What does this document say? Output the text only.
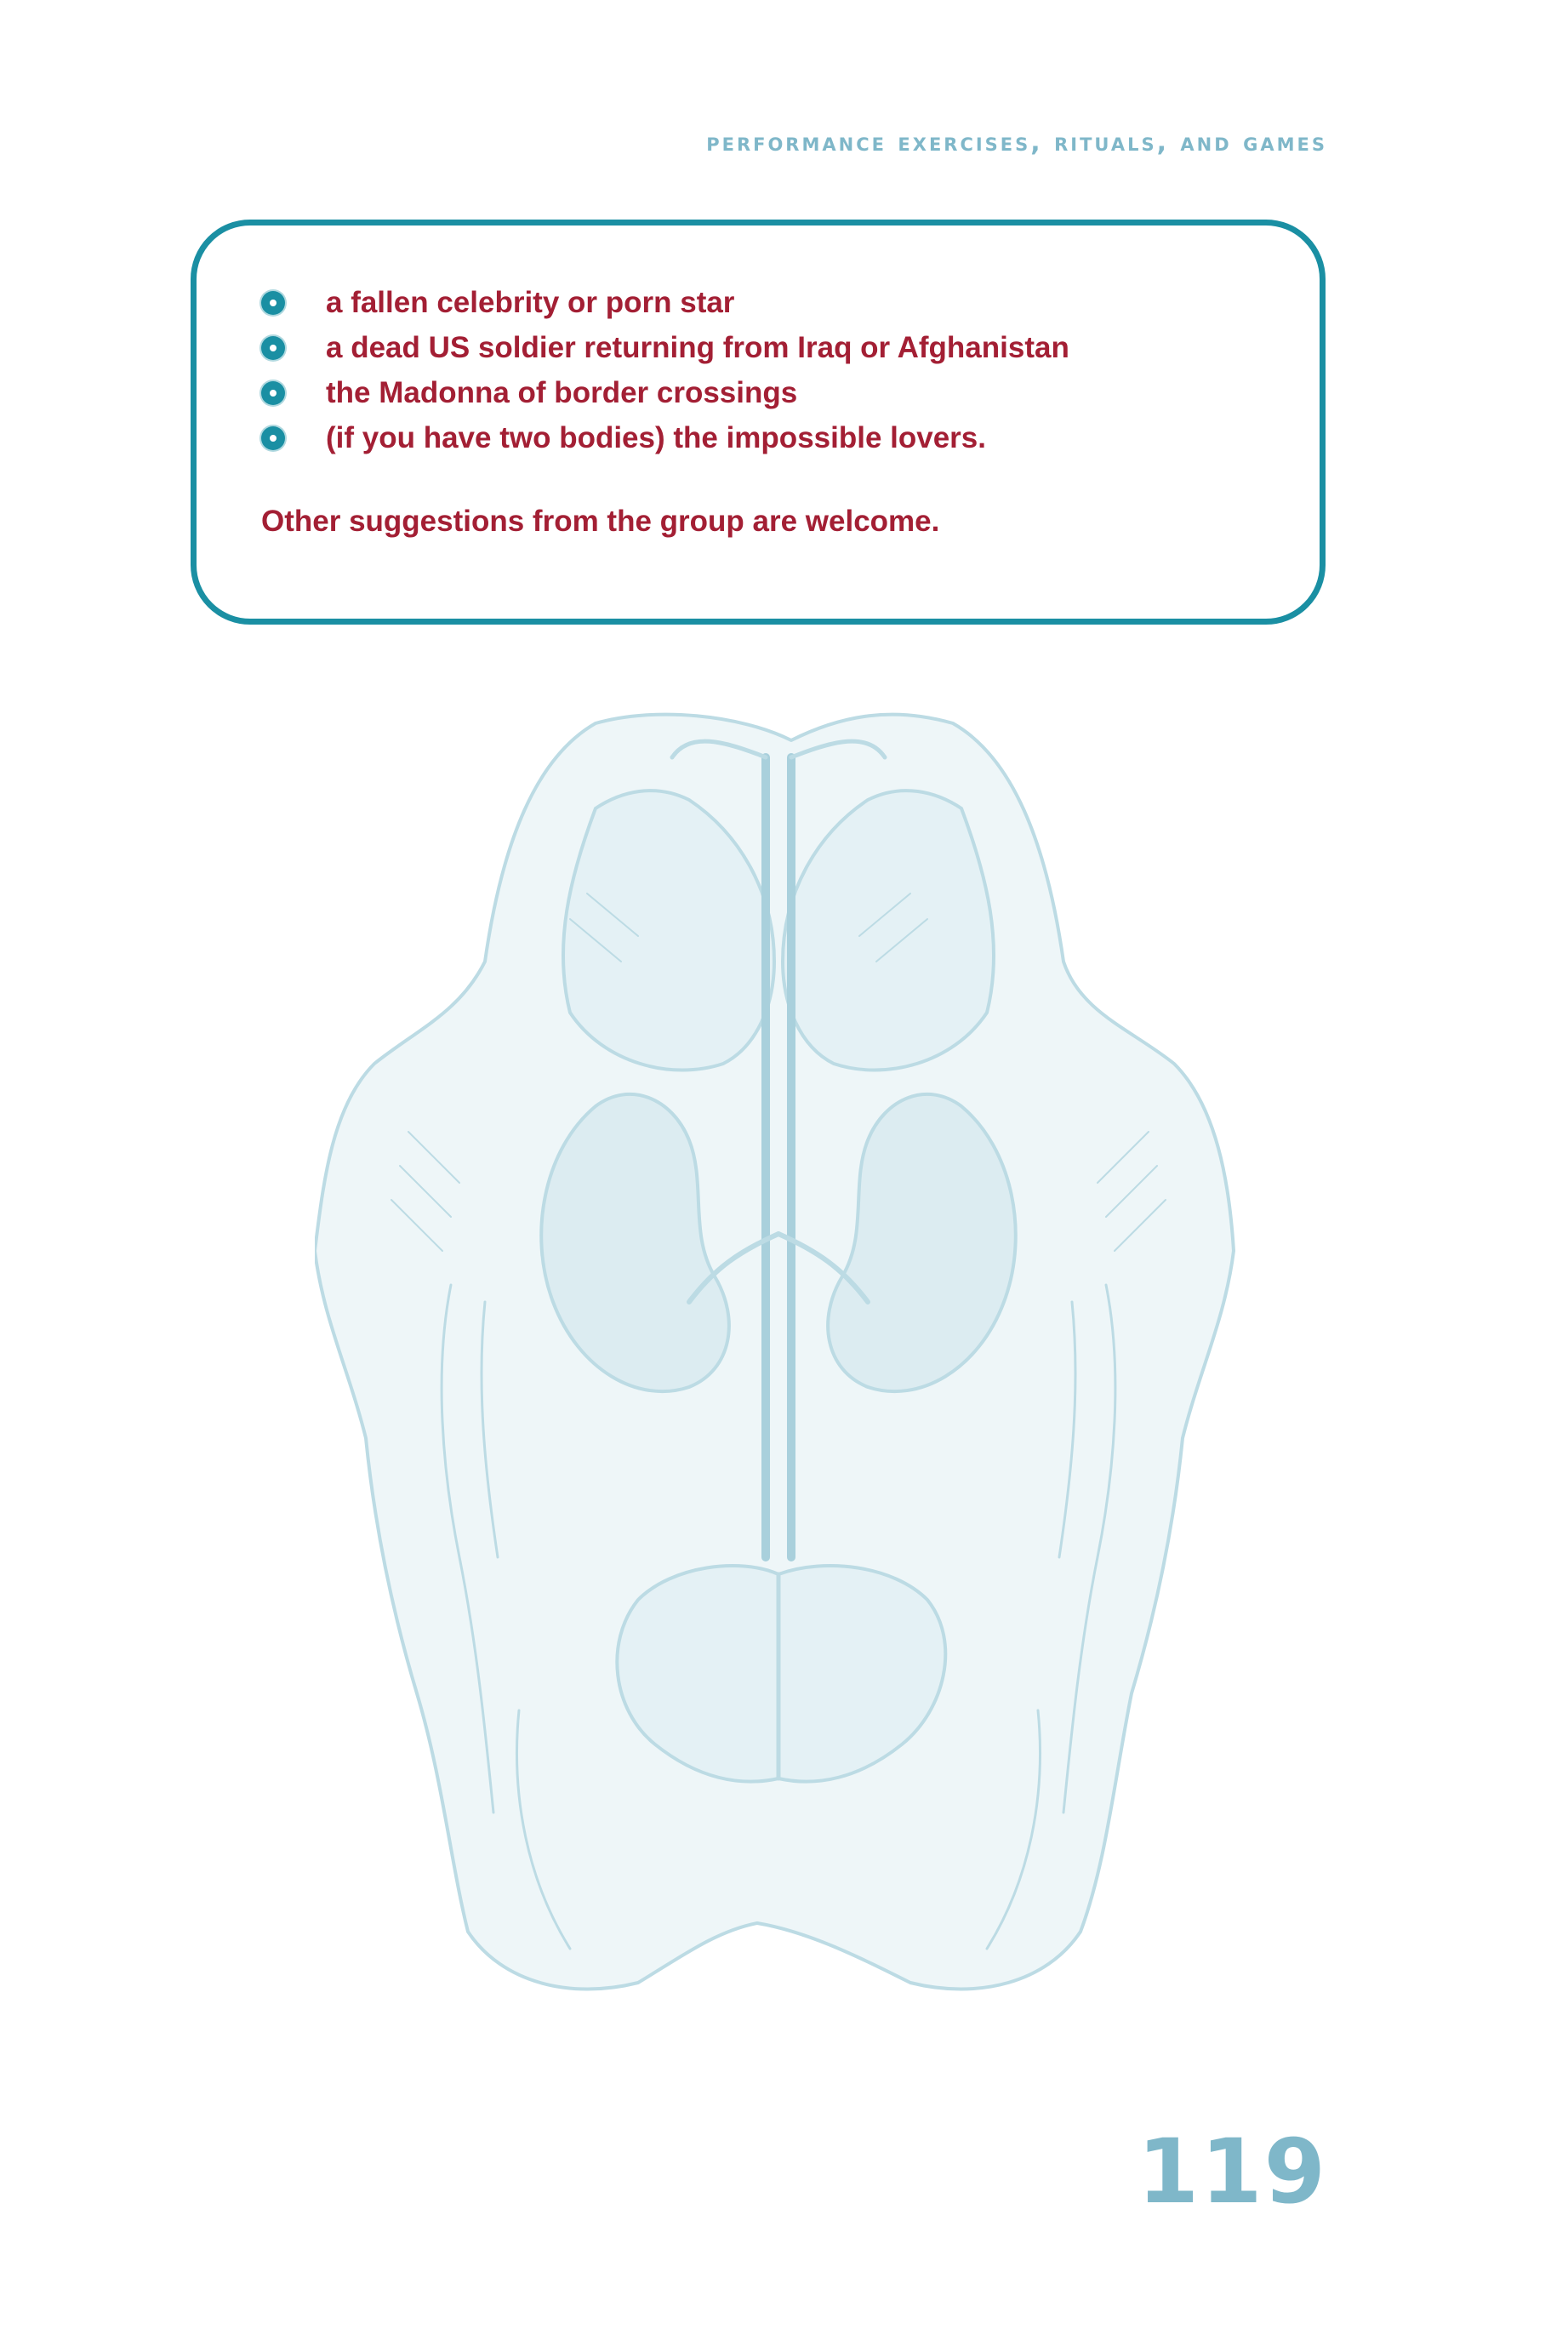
performance exercises, rituals, and games
a fallen celebrity or porn star
a dead US soldier returning from Iraq or Afghanistan
the Madonna of border crossings
(if you have two bodies) the impossible lovers.
Other suggestions from the group are welcome.
119
